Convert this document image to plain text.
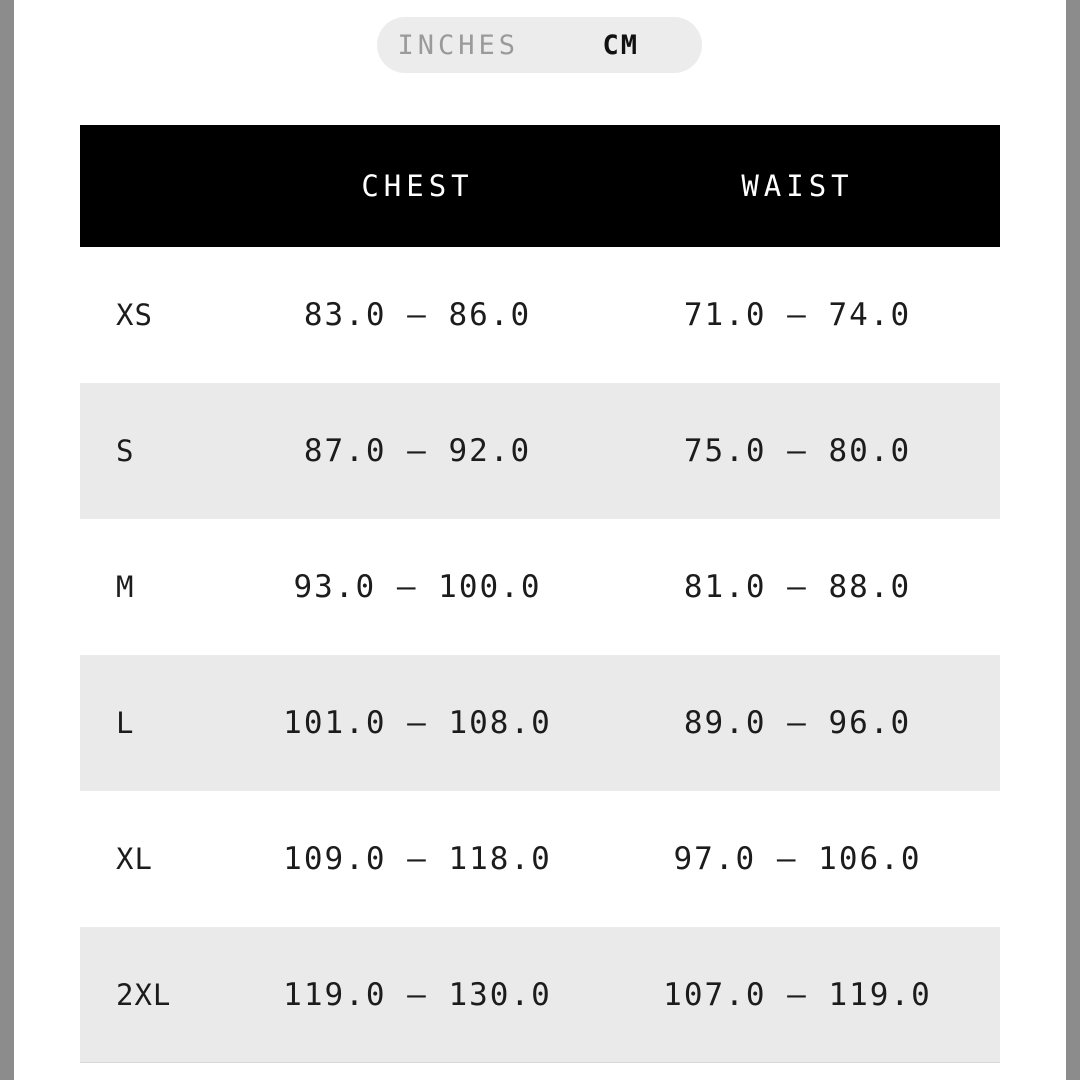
INCHES	CM
	CHEST	WAIST
XS	83.0 – 86.0	71.0 – 74.0
S	87.0 – 92.0	75.0 – 80.0
M	93.0 – 100.0	81.0 – 88.0
L	101.0 – 108.0	89.0 – 96.0
XL	109.0 – 118.0	97.0 – 106.0
2XL	119.0 – 130.0	107.0 – 119.0
